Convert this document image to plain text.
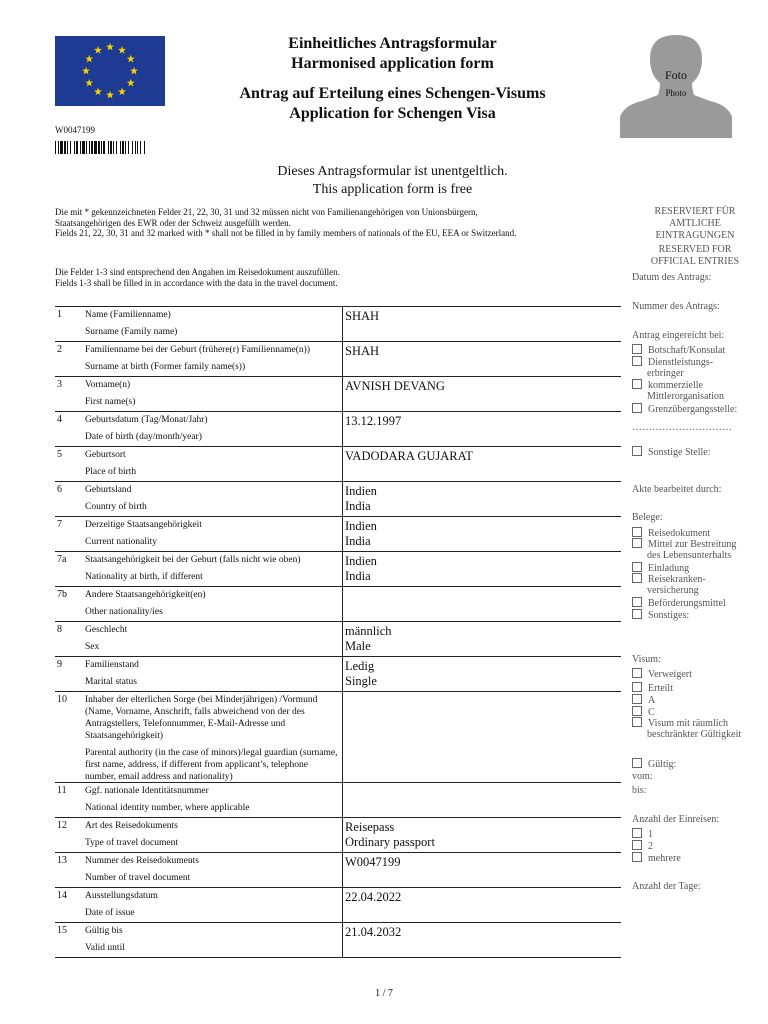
Einheitliches Antragsformular
Harmonised application form
Antrag auf Erteilung eines Schengen-Visums
Application for Schengen Visa
Foto
Photo
W0047199
Dieses Antragsformular ist unentgeltlich.
This application form is free
Die mit * gekennzeichneten Felder 21, 22, 30, 31 und 32 müssen nicht von Familienangehörigen von Unionsbürgern, Staatsangehörigen des EWR oder der Schweiz ausgefüllt werden.
Fields 21, 22, 30, 31 and 32 marked with * shall not be filled in by family members of nationals of the EU, EEA or Switzerland.
Die Felder 1-3 sind entsprechend den Angaben im Reisedokument auszufüllen.
Fields 1-3 shall be filled in in accordance with the data in the travel document.
RESERVIERT FÜR AMTLICHE EINTRAGUNGEN
RESERVED FOR OFFICIAL ENTRIES
Datum des Antrags:
Nummer des Antrags:
Antrag eingereicht bei:
Botschaft/Konsulat
Dienstleistungs-
erbringer
kommerzielle
Mittlerorganisation
Grenzübergangsstelle:
…………………………
Sonstige Stelle:
Akte bearbeitet durch:
Belege:
Reisedokument
Mittel zur Bestreitung
des Lebensunterhalts
Einladung
Reisekranken-
versicherung
Beförderungsmittel
Sonstiges:
Visum:
Verweigert
Erteilt
A
C
Visum mit räumlich
beschränkter Gültigkeit
Gültig:
vom:
bis:
Anzahl der Einreisen:
1
2
mehrere
Anzahl der Tage:
1 Name (Familienname)
Surname (Family name)
SHAH
2 Familienname bei der Geburt (frühere(r) Familienname(n))
Surname at birth (Former family name(s))
SHAH
3 Vorname(n)
First name(s)
AVNISH DEVANG
4 Geburtsdatum (Tag/Monat/Jahr)
Date of birth (day/month/year)
13.12.1997
5 Geburtsort
Place of birth
VADODARA GUJARAT
6 Geburtsland
Country of birth
Indien
India
7 Derzeitige Staatsangehörigkeit
Current nationality
Indien
India
7a Staatsangehörigkeit bei der Geburt (falls nicht wie oben)
Nationality at birth, if different
Indien
India
7b Andere Staatsangehörigkeit(en)
Other nationality/ies
8 Geschlecht
Sex
männlich
Male
9 Familienstand
Marital status
Ledig
Single
10 Inhaber der elterlichen Sorge (bei Minderjährigen) /Vormund (Name, Vorname, Anschrift, falls abweichend von der des Antragstellers, Telefonnummer, E-Mail-Adresse und Staatsangehörigkeit)
Parental authority (in the case of minors)/legal guardian (surname, first name, address, if different from applicant’s, telephone number, email address and nationality)
11 Ggf. nationale Identitätsnummer
National identity number, where applicable
12 Art des Reisedokuments
Type of travel document
Reisepass
Ordinary passport
13 Nummer des Reisedokuments
Number of travel document
W0047199
14 Ausstellungsdatum
Date of issue
22.04.2022
15 Gültig bis
Valid until
21.04.2032
1 / 7
